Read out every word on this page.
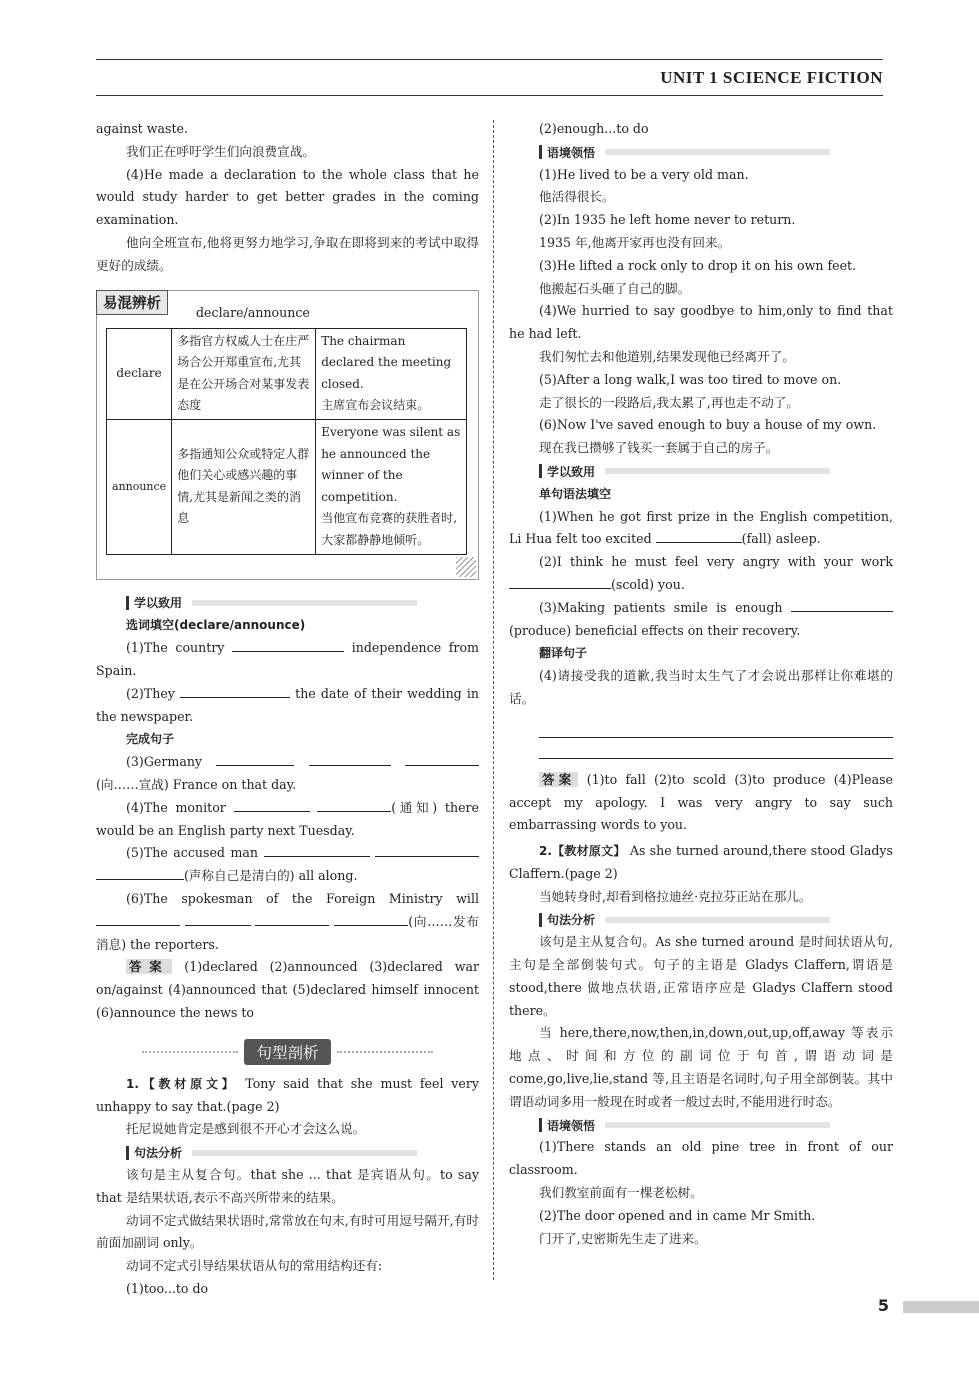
UNIT 1 SCIENCE FICTION

against waste.

我们正在呼吁学生们向浪费宣战。

(4)He made a declaration to the whole class that he would study harder to get better grades in the coming examination.

他向全班宣布,他将更努力地学习,争取在即将到来的考试中取得更好的成绩。

易混辨析
declare/announce
declare	多指官方权威人士在庄严场合公开郑重宣布,尤其是在公开场合对某事发表态度	The chairman declared the meeting closed.
主席宣布会议结束。
announce	多指通知公众或特定人群他们关心或感兴趣的事情,尤其是新闻之类的消息	Everyone was silent as he announced the winner of the competition.
当他宣布竞赛的获胜者时,大家都静静地倾听。
学以致用

选词填空(declare/announce)

(1)The country	independence from Spain.

(2)They	the date of their wedding in the newspaper.

完成句子

(3)Germany    (向……宣战) France on that day.

(4)The monitor	(通知) there would be an English party next Tuesday.

(5)The accused man   (声称自己是清白的) all along.

(6)The spokesman of the Foreign Ministry will    (向……发布消息) the reporters.

答案 (1)declared (2)announced (3)declared war on/against (4)announced that (5)declared himself innocent (6)announce the news to

句型剖析

1.【教材原文】 Tony said that she must feel very unhappy to say that.(page 2)

托尼说她肯定是感到很不开心才会这么说。

句法分析

该句是主从复合句。that she ... that 是宾语从句。to say that 是结果状语,表示不高兴所带来的结果。

动词不定式做结果状语时,常常放在句末,有时可用逗号隔开,有时前面加副词 only。

动词不定式引导结果状语从句的常用结构还有:

(1)too...to do

(2)enough...to do

语境领悟

(1)He lived to be a very old man.

他活得很长。

(2)In 1935 he left home never to return.

1935 年,他离开家再也没有回来。

(3)He lifted a rock only to drop it on his own feet.

他搬起石头砸了自己的脚。

(4)We hurried to say goodbye to him,only to find that he had left.

我们匆忙去和他道别,结果发现他已经离开了。

(5)After a long walk,I was too tired to move on.

走了很长的一段路后,我太累了,再也走不动了。

(6)Now I've saved enough to buy a house of my own.

现在我已攒够了钱买一套属于自己的房子。

学以致用

单句语法填空

(1)When he got first prize in the English competition, Li Hua felt too excited	(fall) asleep.

(2)I think he must feel very angry with your work (scold) you.

(3)Making patients smile is enough  (produce) beneficial effects on their recovery.

翻译句子

(4)请接受我的道歉,我当时太生气了才会说出那样让你难堪的话。

答案 (1)to fall (2)to scold (3)to produce (4)Please accept my apology. I was very angry to say such embarrassing words to you.

2.【教材原文】 As she turned around,there stood Gladys Claffern.(page 2)

当她转身时,却看到格拉迪丝·克拉芬正站在那儿。

句法分析

该句是主从复合句。As she turned around 是时间状语从句,主句是全部倒装句式。句子的主语是 Gladys Claffern,谓语是 stood,there 做地点状语,正常语序应是 Gladys Claffern stood there。

当 here,there,now,then,in,down,out,up,off,away 等表示地点、时间和方位的副词位于句首,谓语动词是 come,go,live,lie,stand 等,且主语是名词时,句子用全部倒装。其中谓语动词多用一般现在时或者一般过去时,不能用进行时态。

语境领悟

(1)There stands an old pine tree in front of our classroom.

我们教室前面有一棵老松树。

(2)The door opened and in came Mr Smith.

门开了,史密斯先生走了进来。

5
